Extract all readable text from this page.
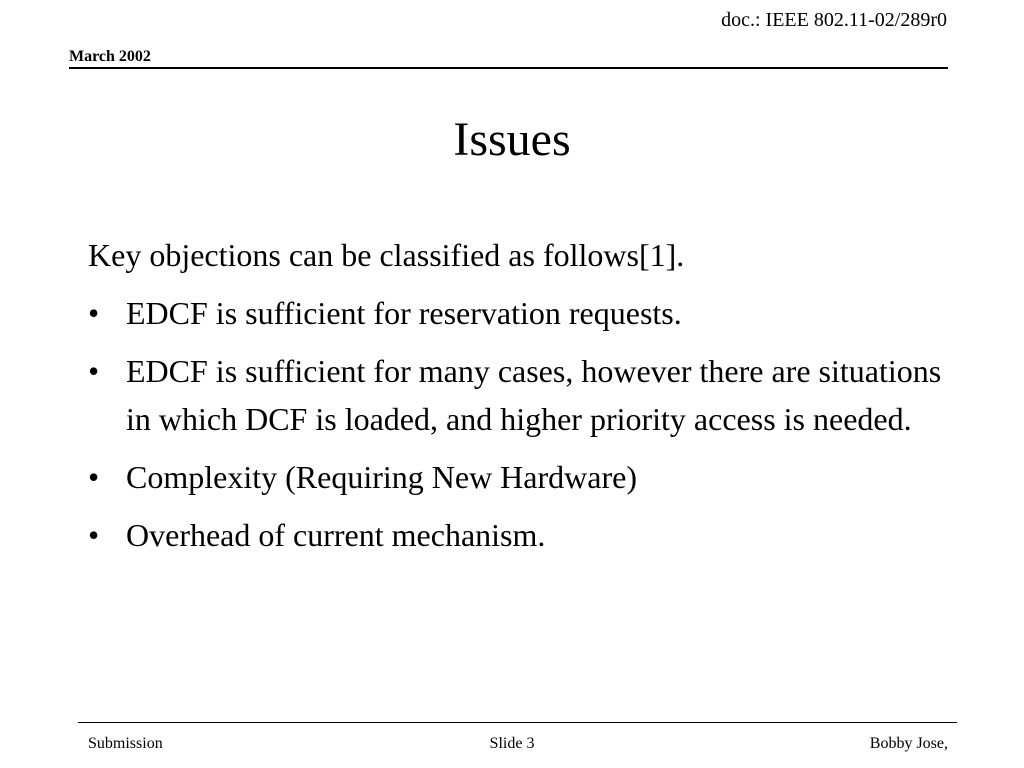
doc.: IEEE 802.11-02/289r0
March 2002
Issues

Key objections can be classified as follows[1].

• EDCF is sufficient for reservation requests.
• EDCF is sufficient for many cases, however there are situations in which DCF is loaded, and higher priority access is needed.
• Complexity (Requiring New Hardware)
• Overhead of current mechanism.
Submission	Slide 3	Bobby Jose,
